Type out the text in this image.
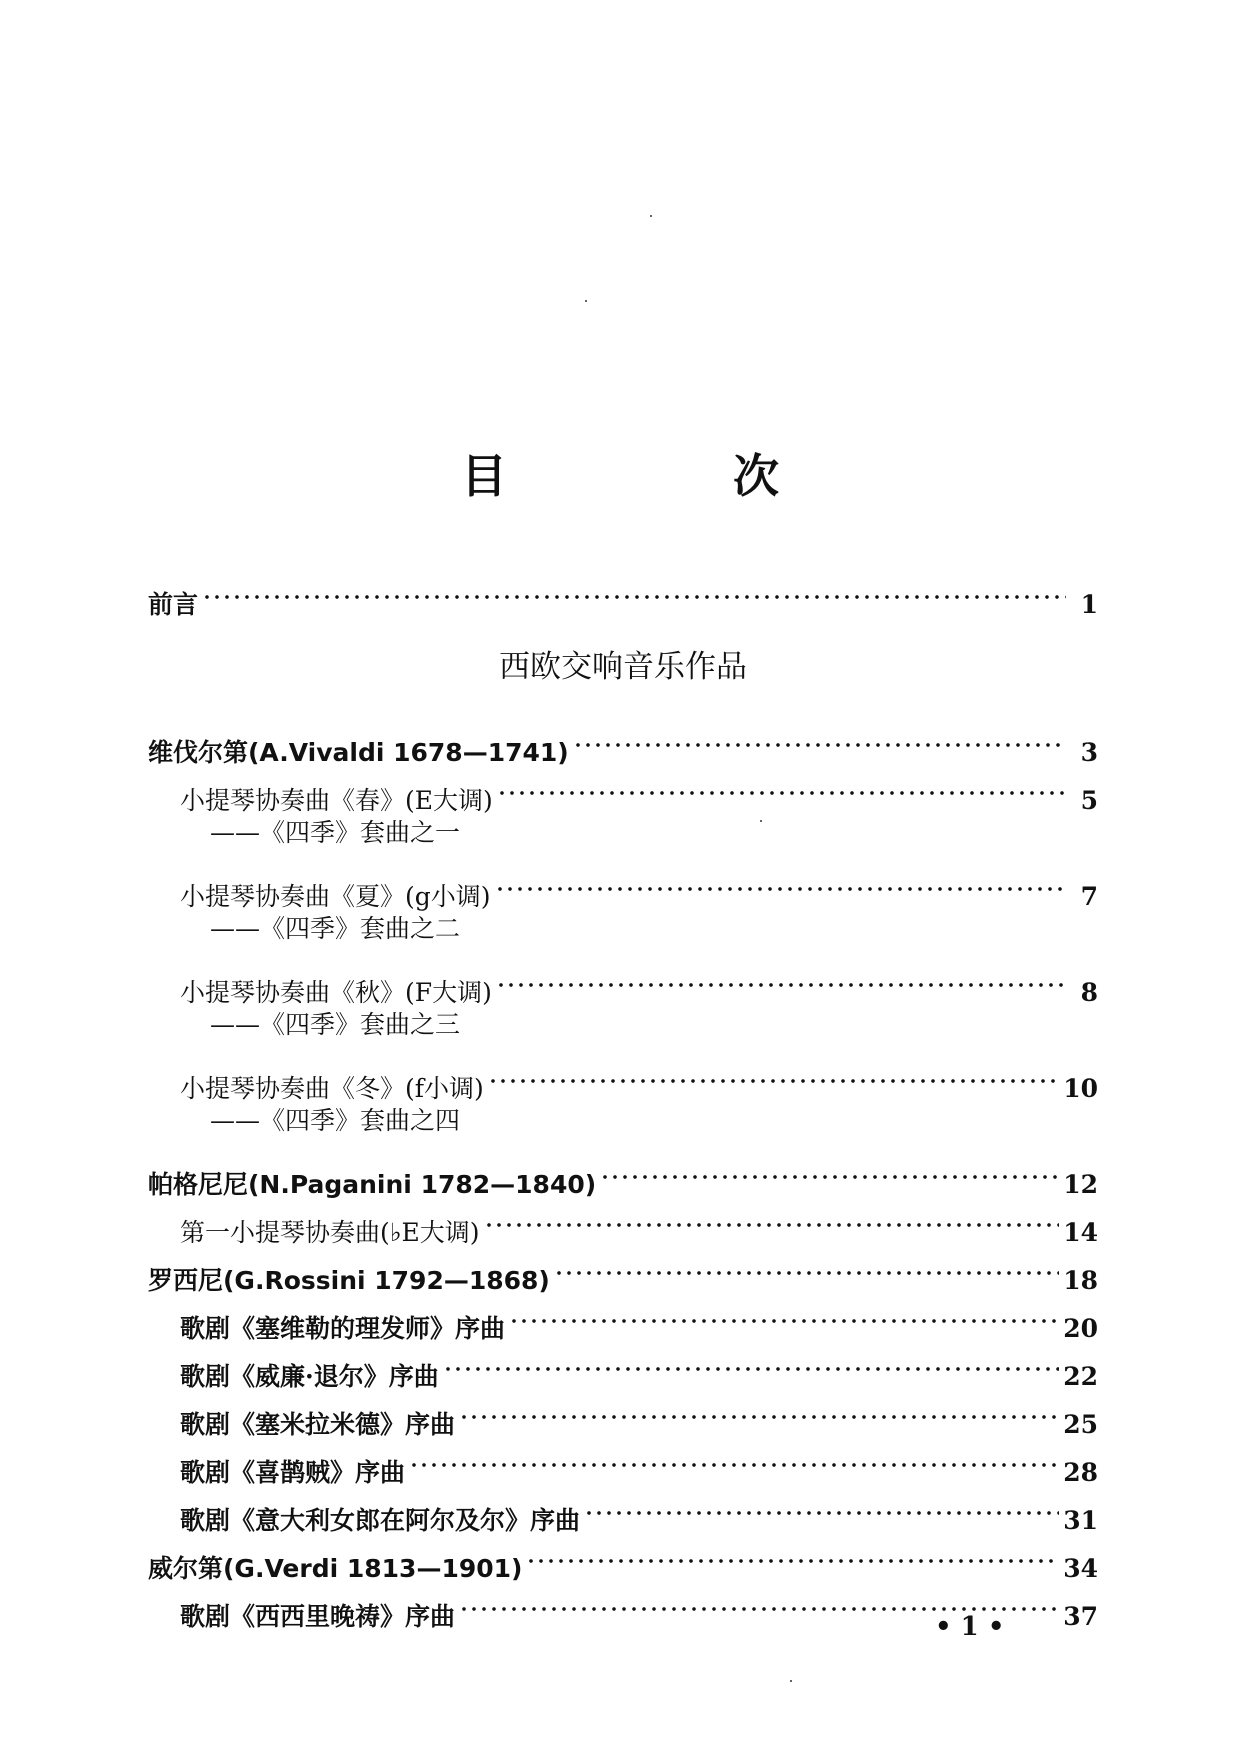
目　次
前言	1
西欧交响音乐作品
维伐尔第(A.Vivaldi 1678—1741)	3
小提琴协奏曲《春》(E大调)	5
——《四季》套曲之一
小提琴协奏曲《夏》(g小调)	7
——《四季》套曲之二
小提琴协奏曲《秋》(F大调)	8
——《四季》套曲之三
小提琴协奏曲《冬》(f小调)	10
——《四季》套曲之四
帕格尼尼(N.Paganini 1782—1840)	12
第一小提琴协奏曲(♭E大调)	14
罗西尼(G.Rossini 1792—1868)	18
歌剧《塞维勒的理发师》序曲	20
歌剧《威廉·退尔》序曲	22
歌剧《塞米拉米德》序曲	25
歌剧《喜鹊贼》序曲	28
歌剧《意大利女郎在阿尔及尔》序曲	31
威尔第(G.Verdi 1813—1901)	34
歌剧《西西里晚祷》序曲	37
• 1 •
